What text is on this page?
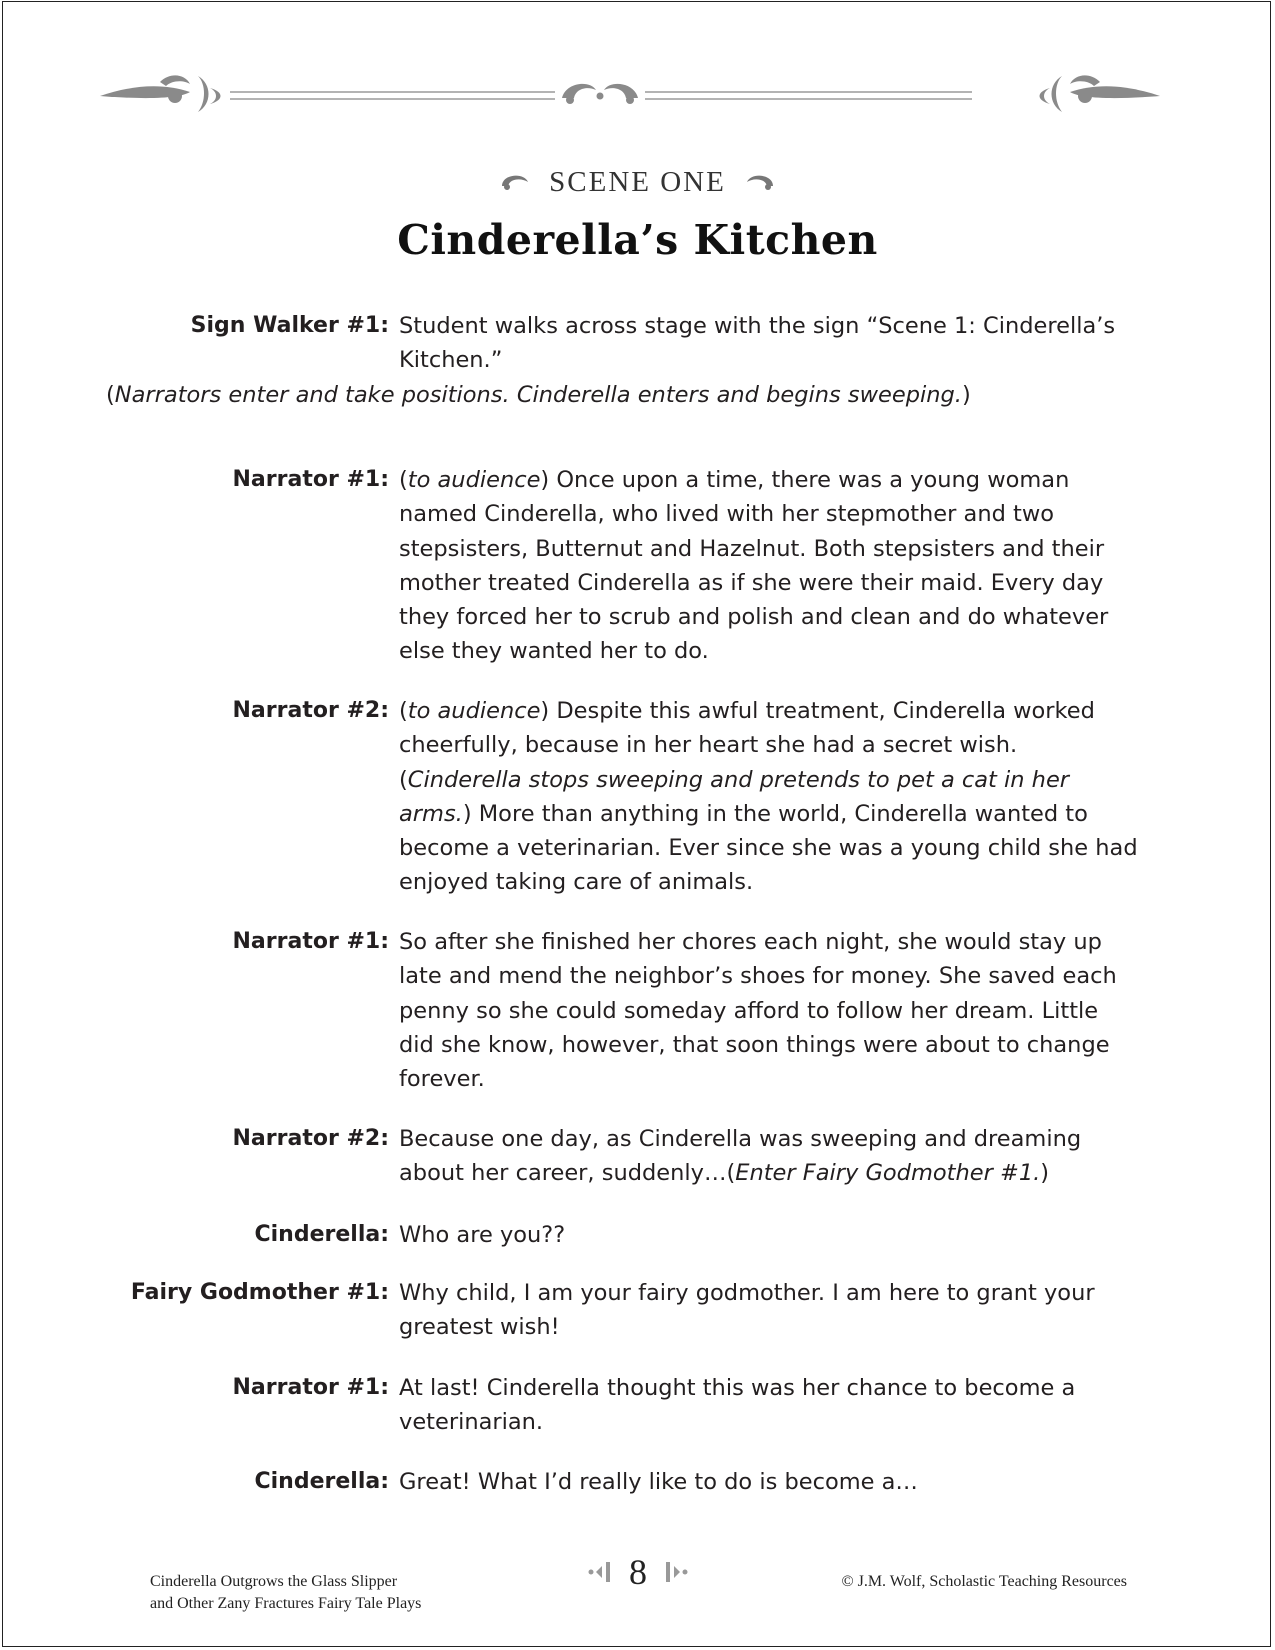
SCENE ONE
Cinderella’s Kitchen
Sign Walker #1: Student walks across stage with the sign “Scene 1: Cinderella’s Kitchen.”
(Narrators enter and take positions. Cinderella enters and begins sweeping.)
Narrator #1: (to audience) Once upon a time, there was a young woman named Cinderella, who lived with her stepmother and two stepsisters, Butternut and Hazelnut. Both stepsisters and their mother treated Cinderella as if she were their maid. Every day they forced her to scrub and polish and clean and do whatever else they wanted her to do.
Narrator #2: (to audience) Despite this awful treatment, Cinderella worked cheerfully, because in her heart she had a secret wish. (Cinderella stops sweeping and pretends to pet a cat in her arms.) More than anything in the world, Cinderella wanted to become a veterinarian. Ever since she was a young child she had enjoyed taking care of animals.
Narrator #1: So after she finished her chores each night, she would stay up late and mend the neighbor’s shoes for money. She saved each penny so she could someday afford to follow her dream. Little did she know, however, that soon things were about to change forever.
Narrator #2: Because one day, as Cinderella was sweeping and dreaming about her career, suddenly…(Enter Fairy Godmother #1.)
Cinderella: Who are you??
Fairy Godmother #1: Why child, I am your fairy godmother. I am here to grant your greatest wish!
Narrator #1: At last! Cinderella thought this was her chance to become a veterinarian.
Cinderella: Great! What I’d really like to do is become a…
Cinderella Outgrows the Glass Slipper
and Other Zany Fractures Fairy Tale Plays
8	© J.M. Wolf, Scholastic Teaching Resources
